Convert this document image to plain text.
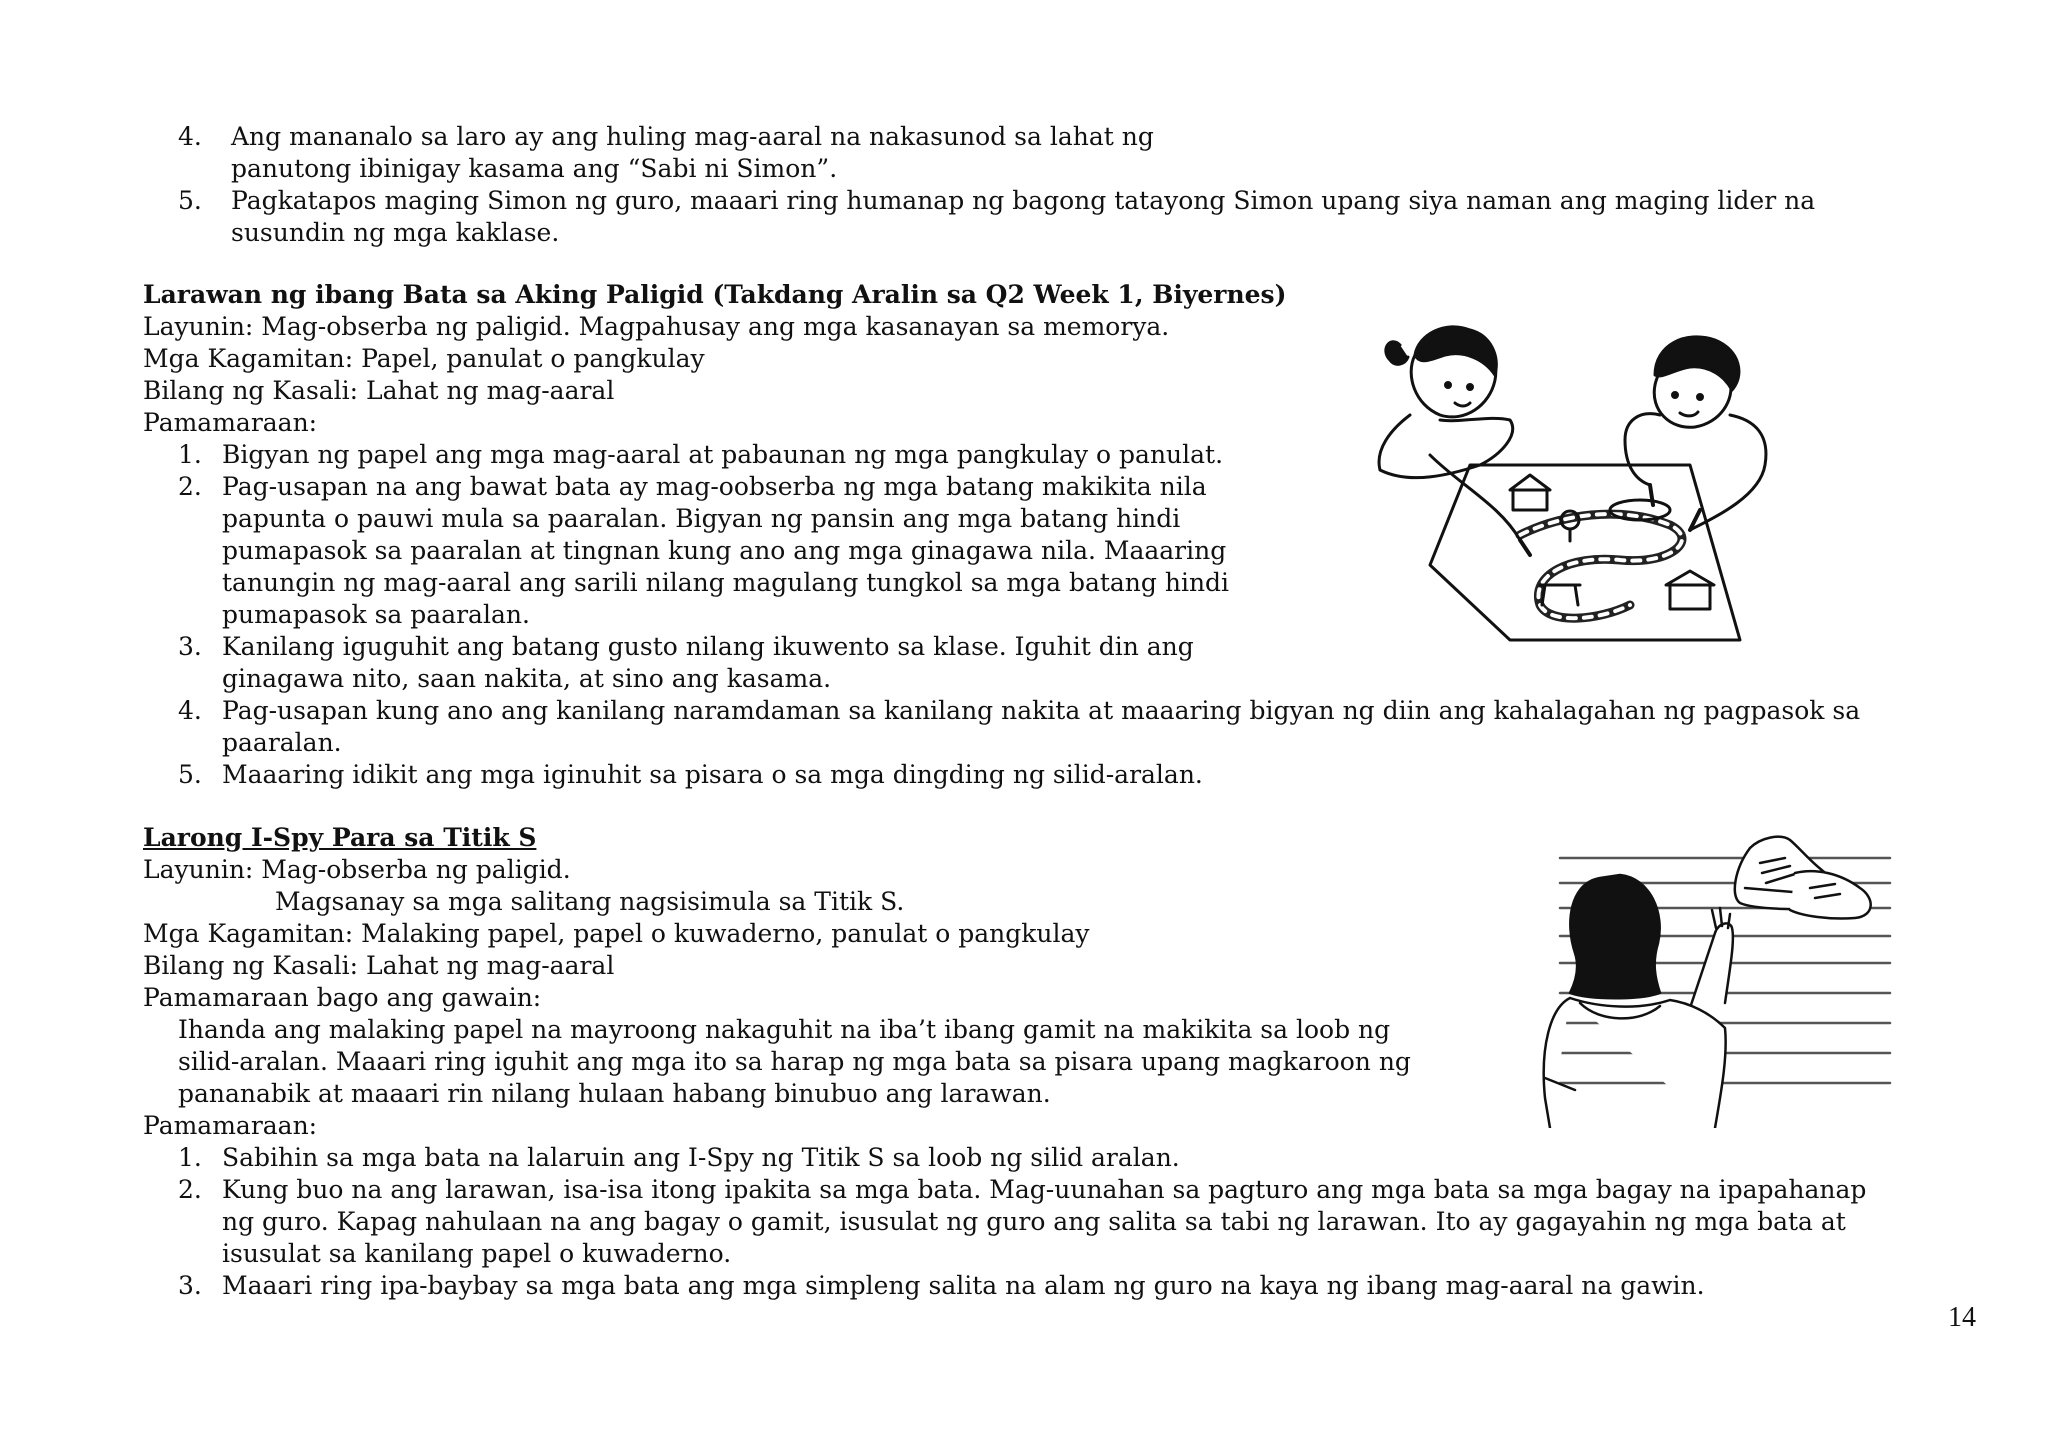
4. Ang mananalo sa laro ay ang huling mag-aaral na nakasunod sa lahat ng
panutong ibinigay kasama ang “Sabi ni Simon”.
5. Pagkatapos maging Simon ng guro, maaari ring humanap ng bagong tatayong Simon upang siya naman ang maging lider na
susundin ng mga kaklase.
Larawan ng ibang Bata sa Aking Paligid (Takdang Aralin sa Q2 Week 1, Biyernes)
Layunin: Mag-obserba ng paligid. Magpahusay ang mga kasanayan sa memorya.
Mga Kagamitan: Papel, panulat o pangkulay
Bilang ng Kasali: Lahat ng mag-aaral
Pamamaraan:
1. Bigyan ng papel ang mga mag-aaral at pabaunan ng mga pangkulay o panulat.
2. Pag-usapan na ang bawat bata ay mag-oobserba ng mga batang makikita nila
papunta o pauwi mula sa paaralan. Bigyan ng pansin ang mga batang hindi
pumapasok sa paaralan at tingnan kung ano ang mga ginagawa nila. Maaaring
tanungin ng mag-aaral ang sarili nilang magulang tungkol sa mga batang hindi
pumapasok sa paaralan.
3. Kanilang iguguhit ang batang gusto nilang ikuwento sa klase. Iguhit din ang
ginagawa nito, saan nakita, at sino ang kasama.
4. Pag-usapan kung ano ang kanilang naramdaman sa kanilang nakita at maaaring bigyan ng diin ang kahalagahan ng pagpasok sa
paaralan.
5. Maaaring idikit ang mga iginuhit sa pisara o sa mga dingding ng silid-aralan.
Larong I-Spy Para sa Titik S
Layunin: Mag-obserba ng paligid.
Magsanay sa mga salitang nagsisimula sa Titik S.
Mga Kagamitan: Malaking papel, papel o kuwaderno, panulat o pangkulay
Bilang ng Kasali: Lahat ng mag-aaral
Pamamaraan bago ang gawain:
Ihanda ang malaking papel na mayroong nakaguhit na iba’t ibang gamit na makikita sa loob ng
silid-aralan. Maaari ring iguhit ang mga ito sa harap ng mga bata sa pisara upang magkaroon ng
pananabik at maaari rin nilang hulaan habang binubuo ang larawan.
Pamamaraan:
1. Sabihin sa mga bata na lalaruin ang I-Spy ng Titik S sa loob ng silid aralan.
2. Kung buo na ang larawan, isa-isa itong ipakita sa mga bata. Mag-uunahan sa pagturo ang mga bata sa mga bagay na ipapahanap
ng guro. Kapag nahulaan na ang bagay o gamit, isusulat ng guro ang salita sa tabi ng larawan. Ito ay gagayahin ng mga bata at
isusulat sa kanilang papel o kuwaderno.
3. Maaari ring ipa-baybay sa mga bata ang mga simpleng salita na alam ng guro na kaya ng ibang mag-aaral na gawin.
14
